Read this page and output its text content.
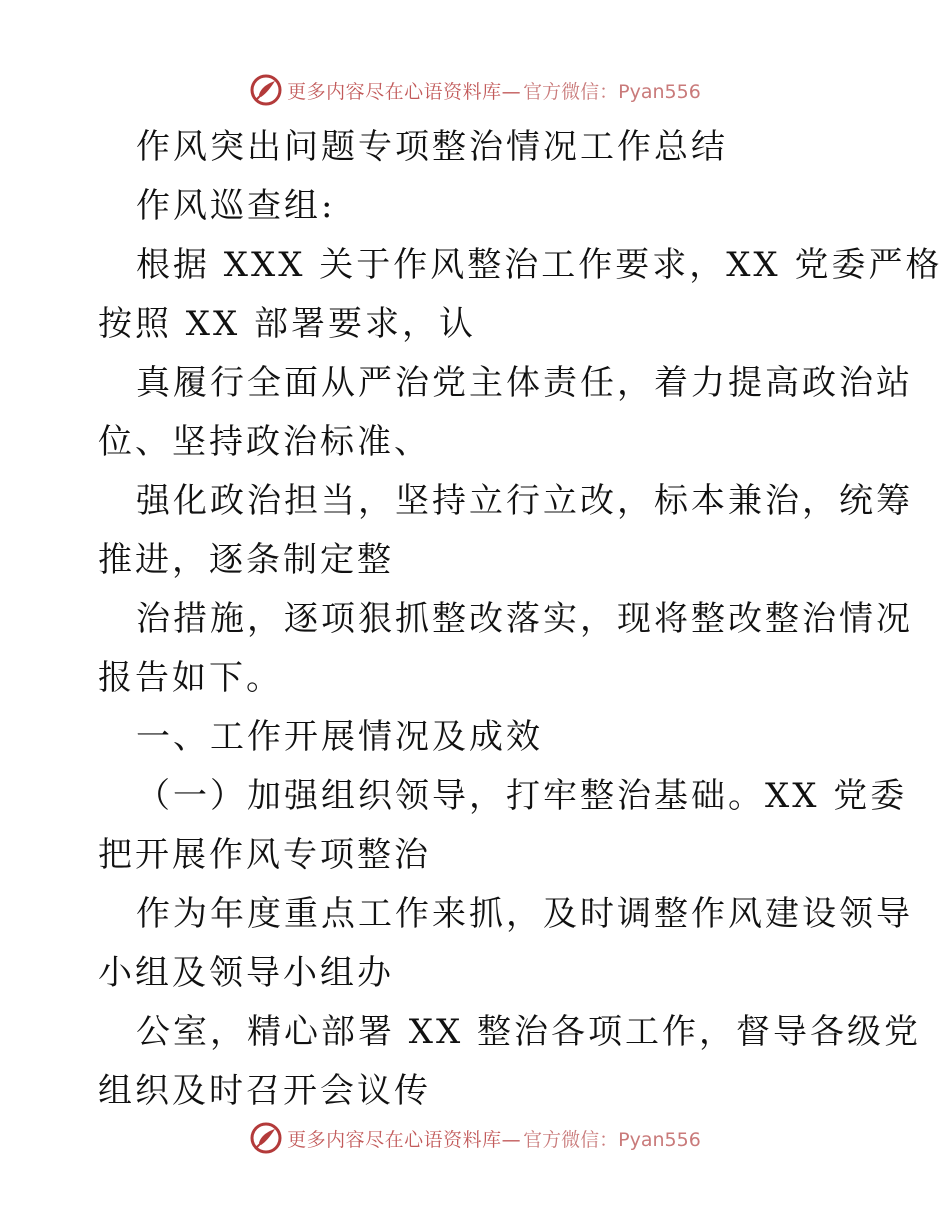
更多内容尽在心语资料库— 官方微信：Pyan556
作风突出问题专项整治情况工作总结
作风巡查组:
根据 XXX 关于作风整治工作要求，XX 党委严格
按照 XX 部署要求，认
真履行全面从严治党主体责任，着力提高政治站
位、坚持政治标准、
强化政治担当，坚持立行立改，标本兼治，统筹
推进，逐条制定整
治措施，逐项狠抓整改落实，现将整改整治情况
报告如下。
一、工作开展情况及成效
（一）加强组织领导，打牢整治基础。XX 党委
把开展作风专项整治
作为年度重点工作来抓，及时调整作风建设领导
小组及领导小组办
公室，精心部署 XX 整治各项工作，督导各级党
组织及时召开会议传
更多内容尽在心语资料库— 官方微信：Pyan556
